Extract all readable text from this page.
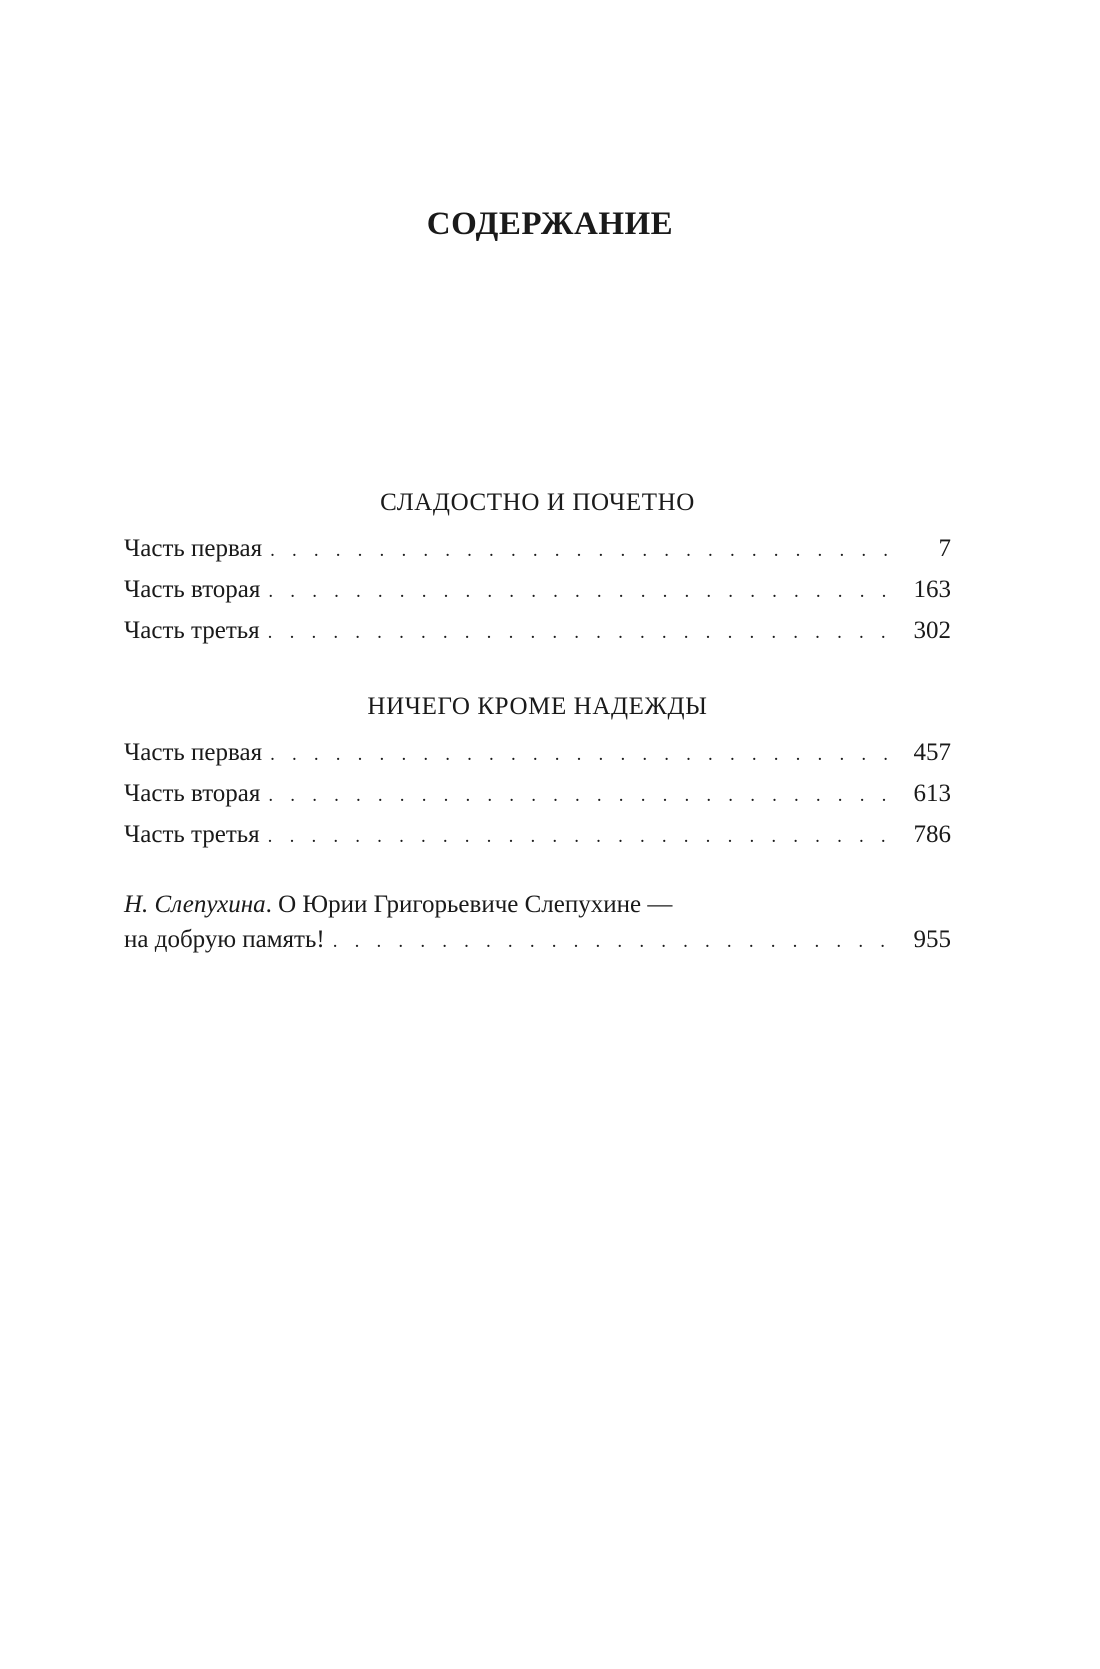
СОДЕРЖАНИЕ
СЛАДОСТНО И ПОЧЕТНО
Часть первая . . .	7
Часть вторая . . .	163
Часть третья . . .	302
НИЧЕГО КРОМЕ НАДЕЖДЫ
Часть первая . . .	457
Часть вторая . . .	613
Часть третья . . .	786
Н. Слепухина. О Юрии Григорьевиче Слепухине —
на добрую память! . . .	955
